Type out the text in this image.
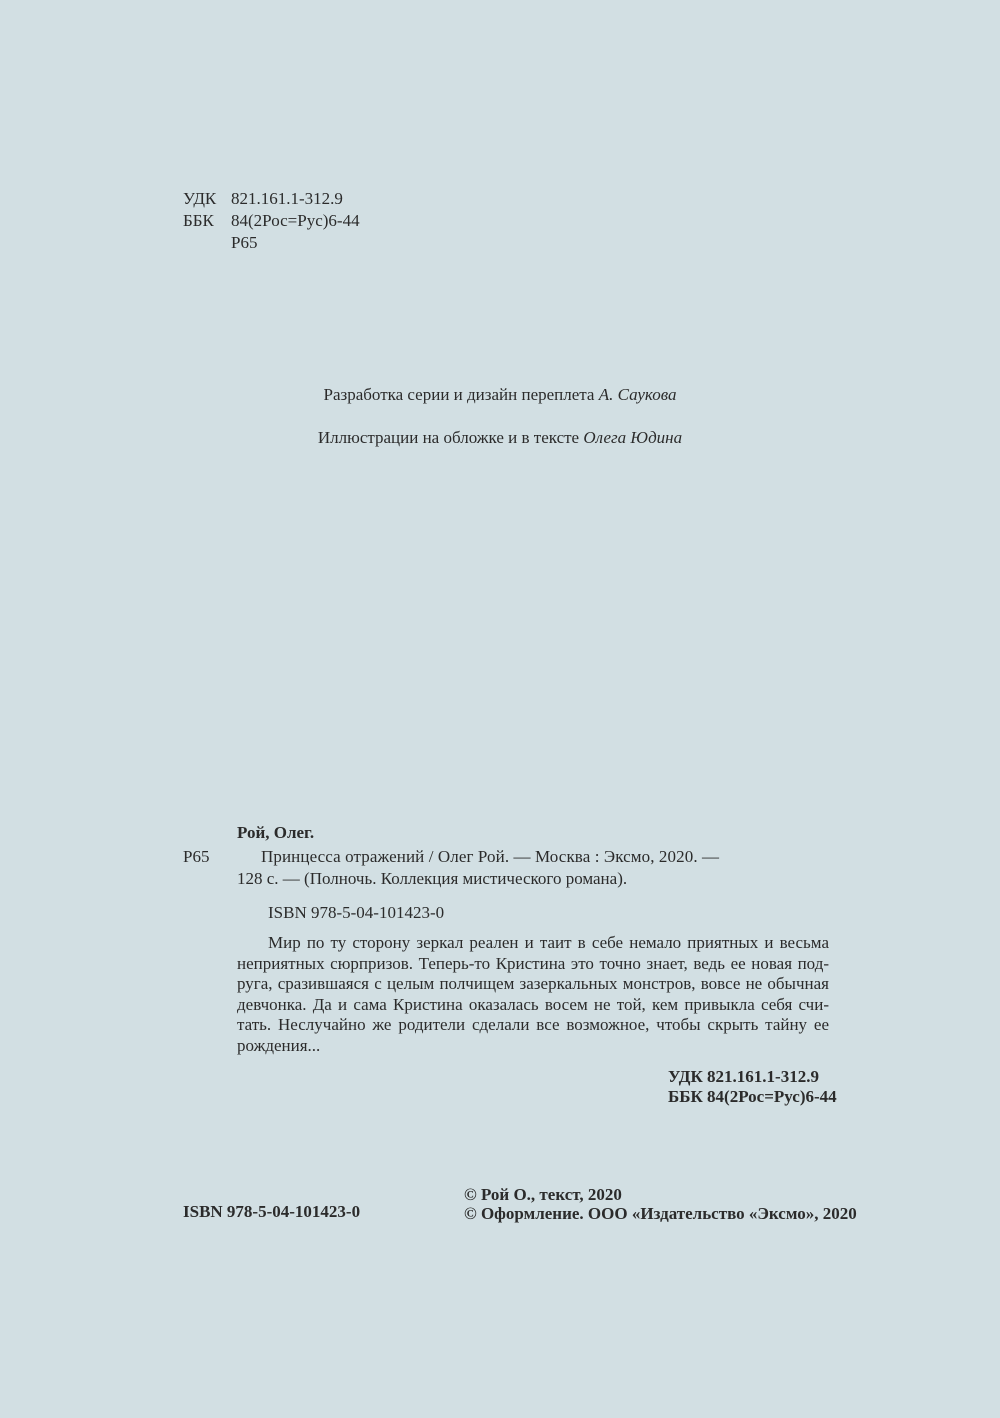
УДК 821.161.1-312.9
ББК	84(2Рос=Рус)6-44
Р65
Разработка серии и дизайн переплета А. Саукова
Иллюстрации на обложке и в тексте Олега Юдина
Рой, Олег.
Р65	Принцесса отражений / Олег Рой. — Москва : Эксмо, 2020. —
128 с. — (Полночь. Коллекция мистического романа).
ISBN 978-5-04-101423-0
Мир по ту сторону зеркал реален и таит в себе немало приятных и весьма
неприятных сюрпризов. Теперь-то Кристина это точно знает, ведь ее новая под-
руга, сразившаяся с целым полчищем зазеркальных монстров, вовсе не обычная
девчонка. Да и сама Кристина оказалась восем не той, кем привыкла себя счи-
тать. Неслучайно же родители сделали все возможное, чтобы скрыть тайну ее
рождения...
УДК 821.161.1-312.9
ББК 84(2Рос=Рус)6-44
ISBN 978-5-04-101423-0
© Рой О., текст, 2020
© Оформление. ООО «Издательство «Эксмо», 2020
